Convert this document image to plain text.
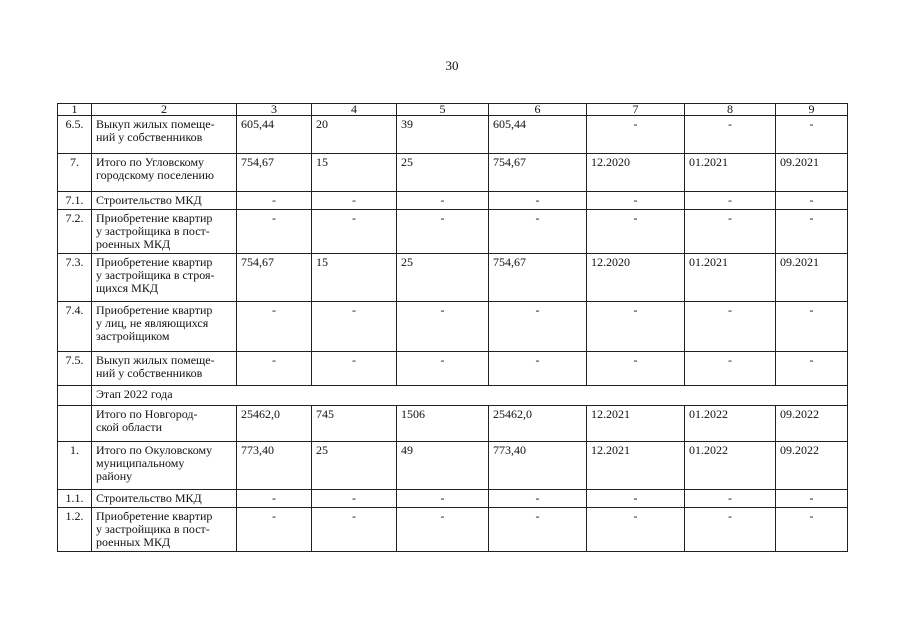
30
1	2	3	4	5	6	7	8	9
6.5.	Выкуп жилых помеще-
ний у собственников	605,44	20	39	605,44	-	-	-
7.	Итого по Угловскому
городскому поселению	754,67	15	25	754,67	12.2020	01.2021	09.2021
7.1.	Строительство МКД	-	-	-	-	-	-	-
7.2.	Приобретение квартир
у застройщика в пост-
роенных МКД	-	-	-	-	-	-	-
7.3.	Приобретение квартир
у застройщика в строя-
щихся МКД	754,67	15	25	754,67	12.2020	01.2021	09.2021
7.4.	Приобретение квартир
у лиц, не являющихся
застройщиком	-	-	-	-	-	-	-
7.5.	Выкуп жилых помеще-
ний у собственников	-	-	-	-	-	-	-
	Этап 2022 года							
	Итого по Новгород-
ской области	25462,0	745	1506	25462,0	12.2021	01.2022	09.2022
1.	Итого по Окуловскому
муниципальному
району	773,40	25	49	773,40	12.2021	01.2022	09.2022
1.1.	Строительство МКД	-	-	-	-	-	-	-
1.2.	Приобретение квартир
у застройщика в пост-
роенных МКД	-	-	-	-	-	-	-
